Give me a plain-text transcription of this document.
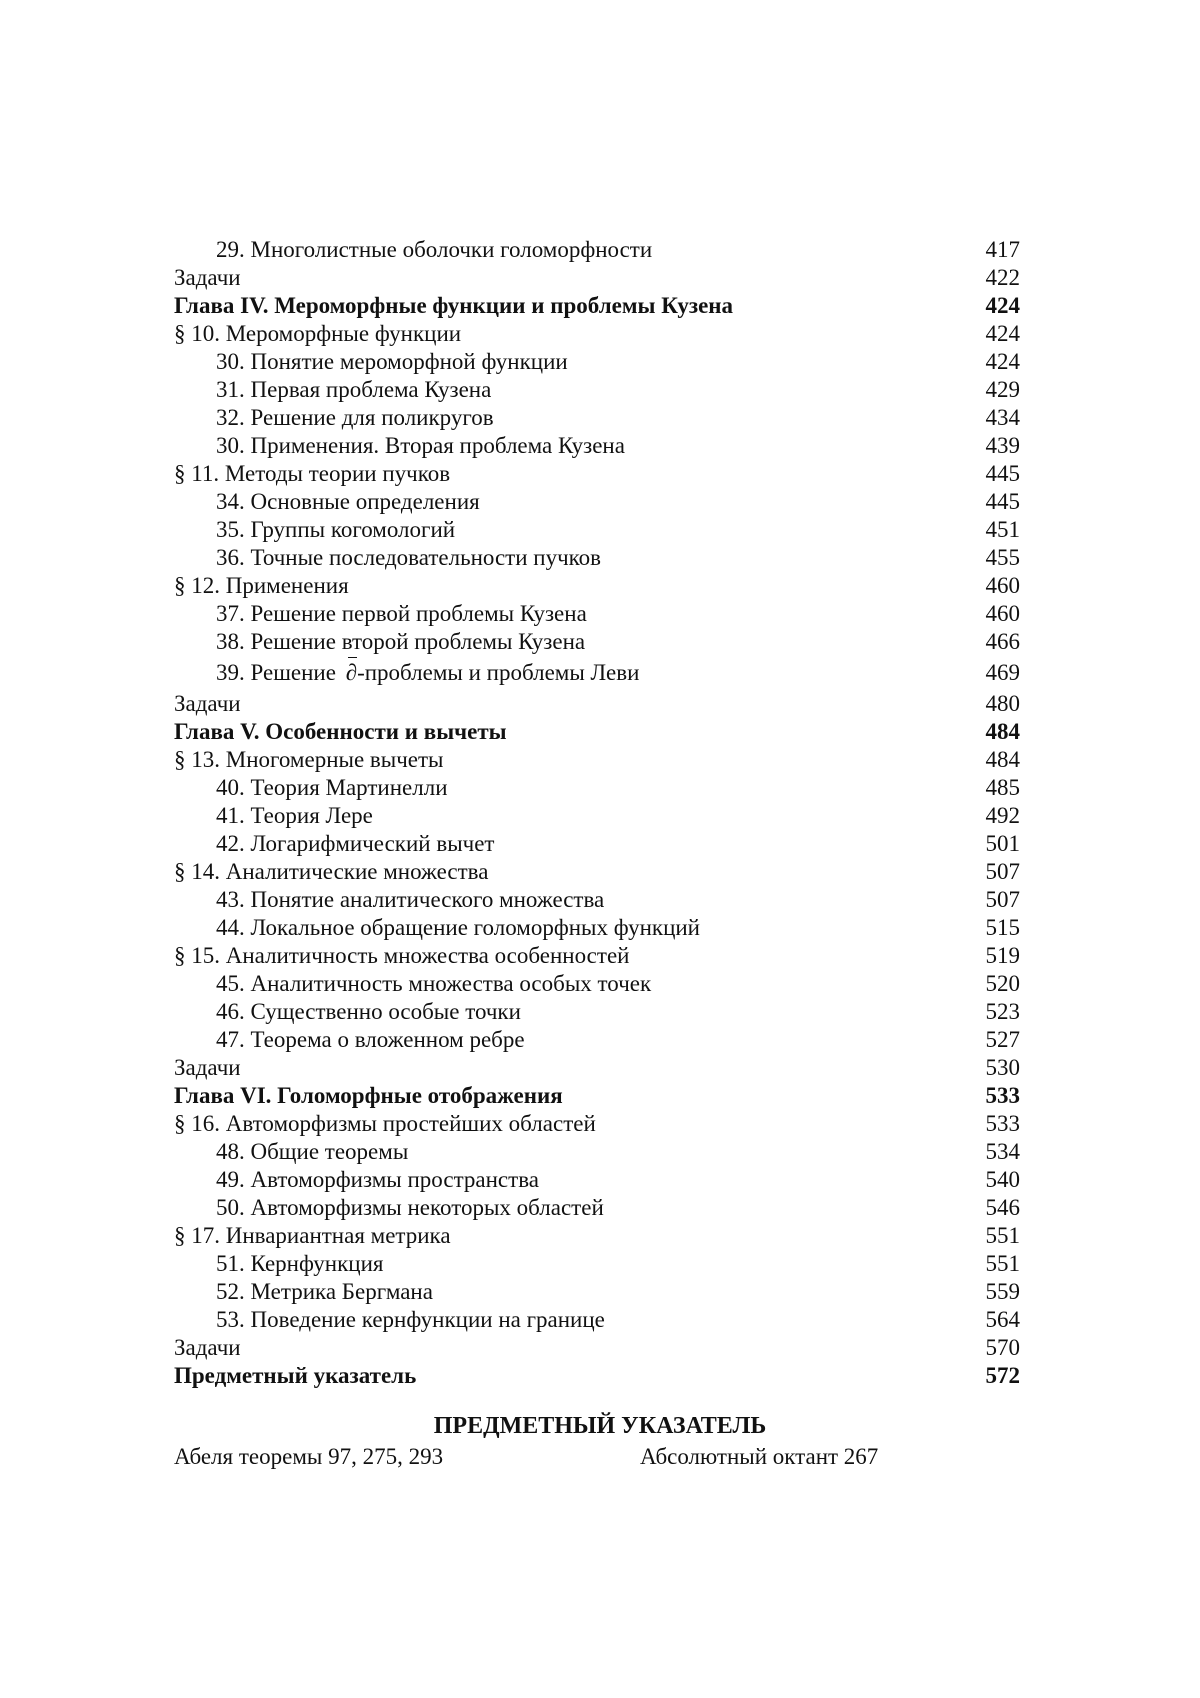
29. Многолистные оболочки голоморфности	417
Задачи	422
Глава IV. Мероморфные функции и проблемы Кузена	424
§ 10. Мероморфные функции	424
30. Понятие мероморфной функции	424
31. Первая проблема Кузена	429
32. Решение для поликругов	434
30. Применения. Вторая проблема Кузена	439
§ 11. Методы теории пучков	445
34. Основные определения	445
35. Группы когомологий	451
36. Точные последовательности пучков	455
§ 12. Применения	460
37. Решение первой проблемы Кузена	460
38. Решение второй проблемы Кузена	466
39. Решение ∂-проблемы и проблемы Леви	469
Задачи	480
Глава V. Особенности и вычеты	484
§ 13. Многомерные вычеты	484
40. Теория Мартинелли	485
41. Теория Лере	492
42. Логарифмический вычет	501
§ 14. Аналитические множества	507
43. Понятие аналитического множества	507
44. Локальное обращение голоморфных функций	515
§ 15. Аналитичность множества особенностей	519
45. Аналитичность множества особых точек	520
46. Существенно особые точки	523
47. Теорема о вложенном ребре	527
Задачи	530
Глава VI. Голоморфные отображения	533
§ 16. Автоморфизмы простейших областей	533
48. Общие теоремы	534
49. Автоморфизмы пространства	540
50. Автоморфизмы некоторых областей	546
§ 17. Инвариантная метрика	551
51. Кернфункция	551
52. Метрика Бергмана	559
53. Поведение кернфункции на границе	564
Задачи	570
Предметный указатель	572
ПРЕДМЕТНЫЙ УКАЗАТЕЛЬ
Абеля теоремы 97, 275, 293	Абсолютный октант 267
